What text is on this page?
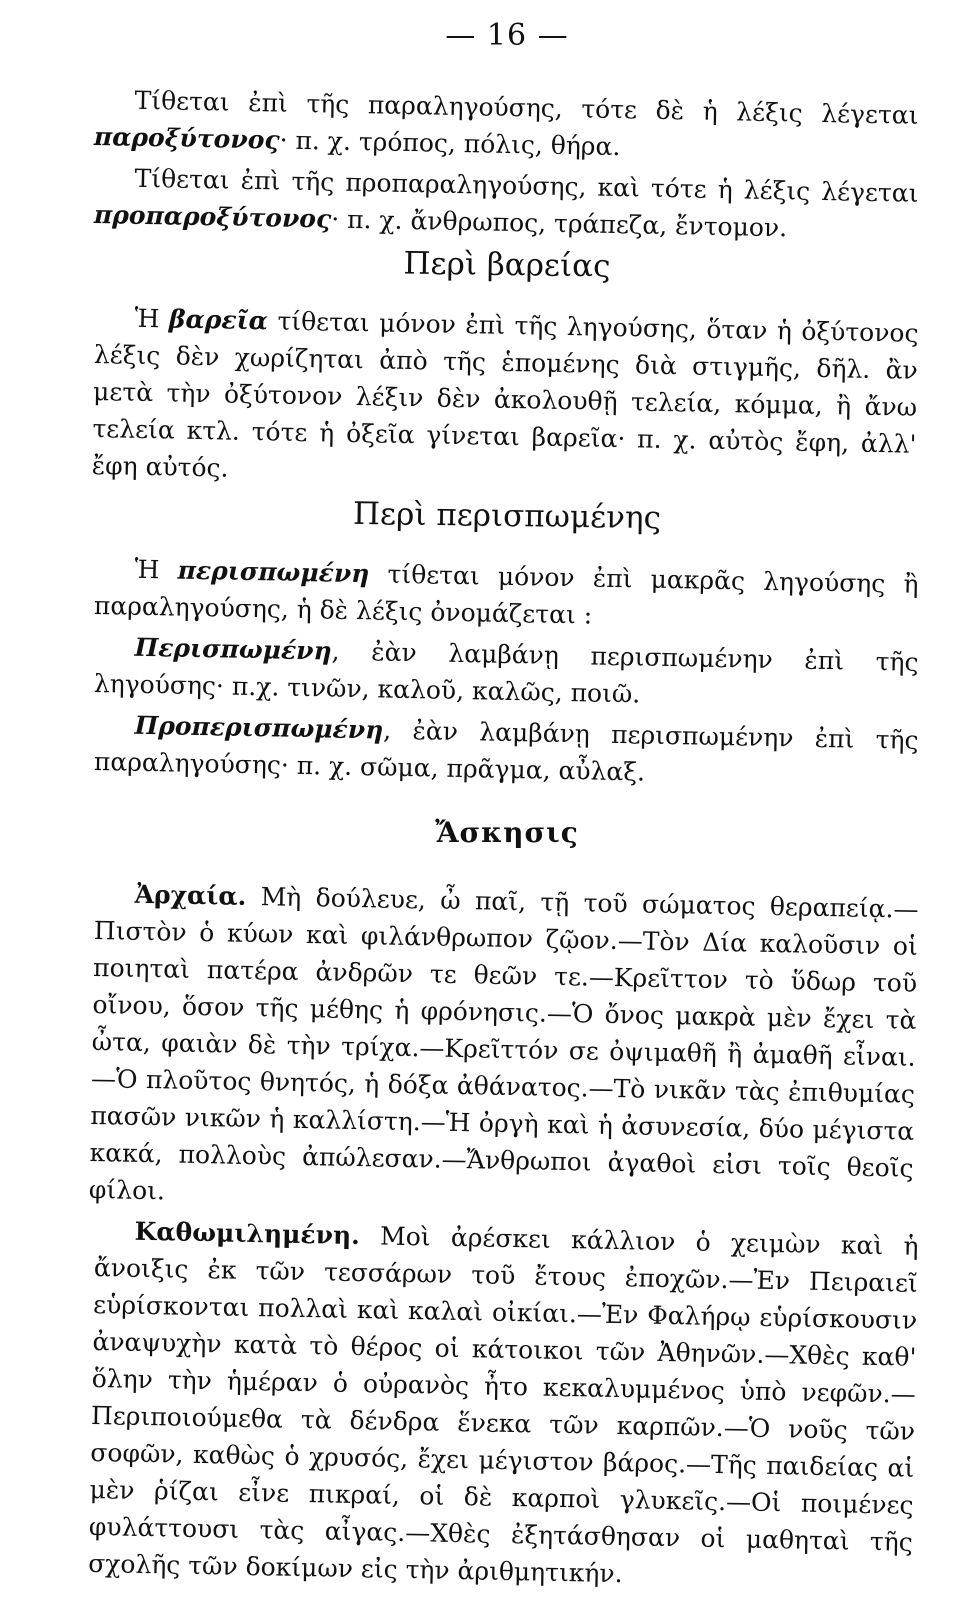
— 16 —

Τίθεται ἐπὶ τῆς παραληγούσης, τότε δὲ ἡ λέξις λέγεται παροξύτονος· π. χ. τρόπος, πόλις, θήρα.

Τίθεται ἐπὶ τῆς προπαραληγούσης, καὶ τότε ἡ λέξις λέγεται προπαροξύτονος· π. χ. ἄνθρωπος, τράπεζα, ἔντομον.

Περὶ βαρείας

Ἡ βαρεῖα τίθεται μόνον ἐπὶ τῆς ληγούσης, ὅταν ἡ ὀξύτονος λέξις δὲν χωρίζηται ἀπὸ τῆς ἑπομένης διὰ στιγμῆς, δῆλ. ἂν μετὰ τὴν ὀξύτονον λέξιν δὲν ἀκολουθῇ τελεία, κόμμα, ἢ ἄνω τελεία κτλ. τότε ἡ ὀξεῖα γίνεται βαρεῖα· π. χ. αὐτὸς ἔφη, ἀλλ' ἔφη αὐτός.

Περὶ περισπωμένης

Ἡ περισπωμένη τίθεται μόνον ἐπὶ μακρᾶς ληγούσης ἢ παραληγούσης, ἡ δὲ λέξις ὀνομάζεται :

Περισπωμένη, ἐὰν λαμβάνῃ περισπωμένην ἐπὶ τῆς ληγούσης· π.χ. τινῶν, καλοῦ, καλῶς, ποιῶ.

Προπερισπωμένη, ἐὰν λαμβάνῃ περισπωμένην ἐπὶ τῆς παραληγούσης· π. χ. σῶμα, πρᾶγμα, αὖλαξ.

Ἄσκησις

Ἀρχαία. Μὴ δούλευε, ὦ παῖ, τῇ τοῦ σώματος θεραπείᾳ.—Πιστὸν ὁ κύων καὶ φιλάνθρωπον ζῷον.—Τὸν Δία καλοῦσιν οἱ ποιηταὶ πατέρα ἀνδρῶν τε θεῶν τε.—Κρεῖττον τὸ ὕδωρ τοῦ οἴνου, ὅσον τῆς μέθης ἡ φρόνησις.—Ὁ ὄνος μακρὰ μὲν ἔχει τὰ ὦτα, φαιὰν δὲ τὴν τρίχα.—Κρεῖττόν σε ὀψιμαθῆ ἢ ἀμαθῆ εἶναι.—Ὁ πλοῦτος θνητός, ἡ δόξα ἀθάνατος.—Τὸ νικᾶν τὰς ἐπιθυμίας πασῶν νικῶν ἡ καλλίστη.—Ἡ ὀργὴ καὶ ἡ ἀσυνεσία, δύο μέγιστα κακά, πολλοὺς ἀπώλεσαν.—Ἄνθρωποι ἀγαθοὶ εἰσι τοῖς θεοῖς φίλοι.

Καθωμιλημένη. Μοὶ ἀρέσκει κάλλιον ὁ χειμὼν καὶ ἡ ἄνοιξις ἐκ τῶν τεσσάρων τοῦ ἔτους ἐποχῶν.—Ἐν Πειραιεῖ εὑρίσκονται πολλαὶ καὶ καλαὶ οἰκίαι.—Ἐν Φαλήρῳ εὑρίσκουσιν ἀναψυχὴν κατὰ τὸ θέρος οἱ κάτοικοι τῶν Ἀθηνῶν.—Χθὲς καθ' ὅλην τὴν ἡμέραν ὁ οὐρανὸς ἦτο κεκαλυμμένος ὑπὸ νεφῶν.—Περιποιούμεθα τὰ δένδρα ἕνεκα τῶν καρπῶν.—Ὁ νοῦς τῶν σοφῶν, καθὼς ὁ χρυσός, ἔχει μέγιστον βάρος.—Τῆς παιδείας αἱ μὲν ῥίζαι εἶνε πικραί, οἱ δὲ καρποὶ γλυκεῖς.—Οἱ ποιμένες φυλάττουσι τὰς αἶγας.—Χθὲς ἐξητάσθησαν οἱ μαθηταὶ τῆς σχολῆς τῶν δοκίμων εἰς τὴν ἀριθμητικήν.
